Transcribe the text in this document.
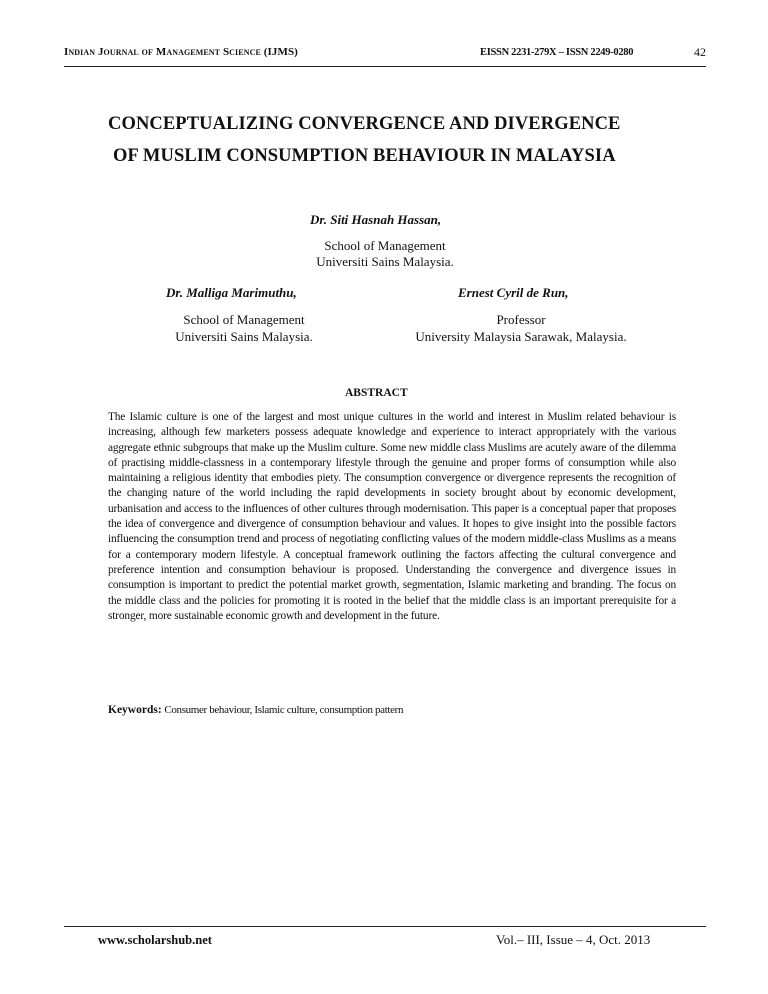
Indian Journal of Management Science (IJMS)	EISSN 2231-279X – ISSN 2249-0280	42
CONCEPTUALIZING CONVERGENCE AND DIVERGENCE
OF MUSLIM CONSUMPTION BEHAVIOUR IN MALAYSIA
Dr. Siti Hasnah Hassan,
School of Management
Universiti Sains Malaysia.
Dr. Malliga Marimuthu,
School of Management
Universiti Sains Malaysia.
Ernest Cyril de Run,
Professor
University Malaysia Sarawak, Malaysia.
ABSTRACT
The Islamic culture is one of the largest and most unique cultures in the world and interest in Muslim related behaviour is increasing, although few marketers possess adequate knowledge and experience to interact appropriately with the various aggregate ethnic subgroups that make up the Muslim culture. Some new middle class Muslims are acutely aware of the dilemma of practising middle-classness in a contemporary lifestyle through the genuine and proper forms of consumption while also maintaining a religious identity that embodies piety. The consumption convergence or divergence represents the recognition of the changing nature of the world including the rapid developments in society brought about by economic development, urbanisation and access to the influences of other cultures through modernisation. This paper is a conceptual paper that proposes the idea of convergence and divergence of consumption behaviour and values. It hopes to give insight into the possible factors influencing the consumption trend and process of negotiating conflicting values of the modern middle-class Muslims as a means for a contemporary modern lifestyle. A conceptual framework outlining the factors affecting the cultural convergence and preference intention and consumption behaviour is proposed. Understanding the convergence and divergence issues in consumption is important to predict the potential market growth, segmentation, Islamic marketing and branding. The focus on the middle class and the policies for promoting it is rooted in the belief that the middle class is an important prerequisite for a stronger, more sustainable economic growth and development in the future.
Keywords: Consumer behaviour, Islamic culture, consumption pattern
www.scholarshub.net	Vol.– III, Issue – 4, Oct. 2013
